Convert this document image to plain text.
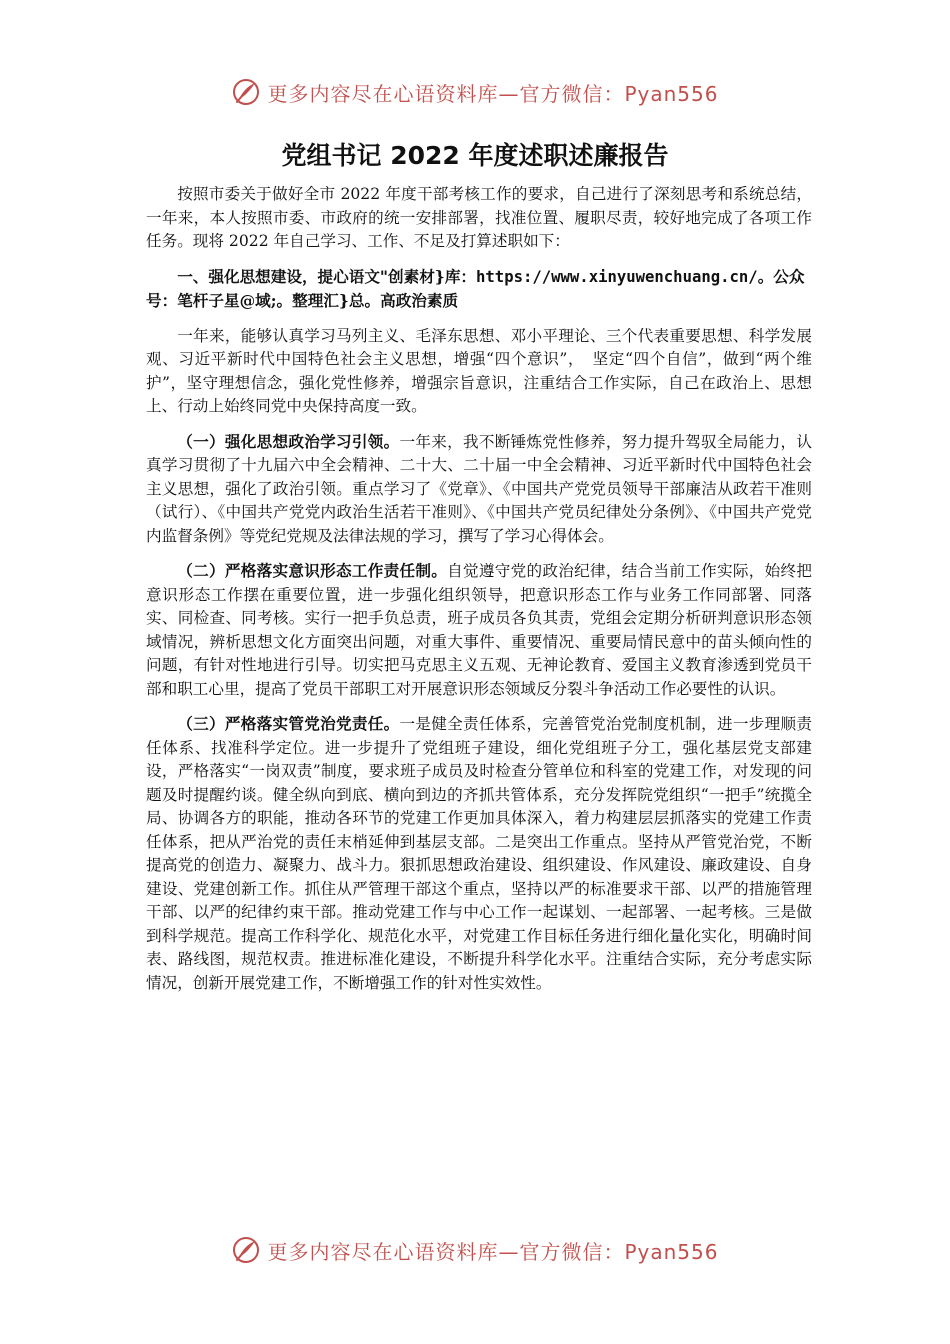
更多内容尽在心语资料库—官方微信：Pyan556
党组书记 2022 年度述职述廉报告

按照市委关于做好全市 2022 年度干部考核工作的要求，自己进行了深刻思考和系统总结，一年来，本人按照市委、市政府的统一安排部署，找准位置、履职尽责，较好地完成了各项工作任务。现将 2022 年自己学习、工作、不足及打算述职如下：

一、强化思想建设，提心语文"创素材}库：https://www.xinyuwenchuang.cn/。公众号：笔杆子星@域;。整理汇}总。高政治素质

一年来，能够认真学习马列主义、毛泽东思想、邓小平理论、三个代表重要思想、科学发展观、习近平新时代中国特色社会主义思想，增强“四个意识”，　坚定“四个自信”，做到“两个维护”，坚守理想信念，强化党性修养，增强宗旨意识，注重结合工作实际，自己在政治上、思想上、行动上始终同党中央保持高度一致。

（一）强化思想政治学习引领。一年来，我不断锤炼党性修养，努力提升驾驭全局能力，认真学习贯彻了十九届六中全会精神、二十大、二十届一中全会精神、习近平新时代中国特色社会主义思想，强化了政治引领。重点学习了《党章》、《中国共产党党员领导干部廉洁从政若干准则（试行）、《中国共产党党内政治生活若干准则》、《中国共产党员纪律处分条例》、《中国共产党党内监督条例》等党纪党规及法律法规的学习，撰写了学习心得体会。

（二）严格落实意识形态工作责任制。自觉遵守党的政治纪律，结合当前工作实际，始终把意识形态工作摆在重要位置，进一步强化组织领导，把意识形态工作与业务工作同部署、同落实、同检查、同考核。实行一把手负总责，班子成员各负其责，党组会定期分析研判意识形态领域情况，辨析思想文化方面突出问题，对重大事件、重要情况、重要局情民意中的苗头倾向性的问题，有针对性地进行引导。切实把马克思主义五观、无神论教育、爱国主义教育渗透到党员干部和职工心里，提高了党员干部职工对开展意识形态领域反分裂斗争活动工作必要性的认识。

（三）严格落实管党治党责任。一是健全责任体系，完善管党治党制度机制，进一步理顺责任体系、找准科学定位。进一步提升了党组班子建设，细化党组班子分工，强化基层党支部建设，严格落实“一岗双责”制度，要求班子成员及时检查分管单位和科室的党建工作，对发现的问题及时提醒约谈。健全纵向到底、横向到边的齐抓共管体系，充分发挥院党组织“一把手”统揽全局、协调各方的职能，推动各环节的党建工作更加具体深入，着力构建层层抓落实的党建工作责任体系，把从严治党的责任末梢延伸到基层支部。二是突出工作重点。坚持从严管党治党，不断提高党的创造力、凝聚力、战斗力。狠抓思想政治建设、组织建设、作风建设、廉政建设、自身建设、党建创新工作。抓住从严管理干部这个重点，坚持以严的标准要求干部、以严的措施管理干部、以严的纪律约束干部。推动党建工作与中心工作一起谋划、一起部署、一起考核。三是做到科学规范。提高工作科学化、规范化水平，对党建工作目标任务进行细化量化实化，明确时间表、路线图，规范权责。推进标准化建设，不断提升科学化水平。注重结合实际，充分考虑实际情况，创新开展党建工作，不断增强工作的针对性实效性。

更多内容尽在心语资料库—官方微信：Pyan556
